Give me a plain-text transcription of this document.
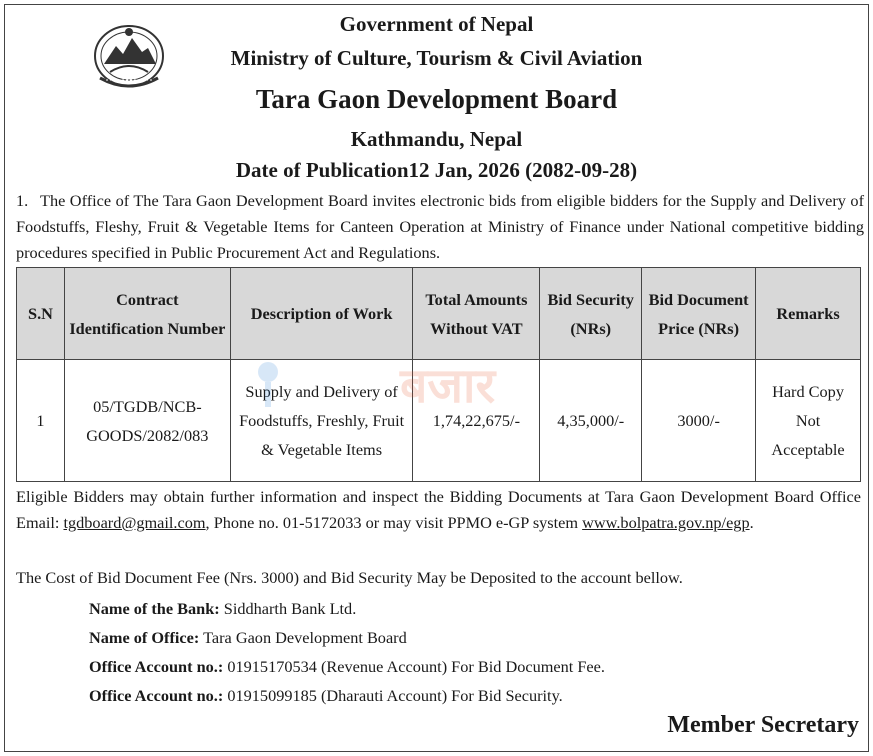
Government of Nepal
Ministry of Culture, Tourism & Civil Aviation
Tara Gaon Development Board
Kathmandu, Nepal
Date of Publication12 Jan, 2026 (2082-09-28)
1. The Office of The Tara Gaon Development Board invites electronic bids from eligible bidders for the Supply and Delivery of Foodstuffs, Fleshy, Fruit & Vegetable Items for Canteen Operation at Ministry of Finance under National competitive bidding procedures specified in Public Procurement Act and Regulations.
S.N	Contract Identification Number	Description of Work	Total Amounts Without VAT	Bid Security (NRs)	Bid Document Price (NRs)	Remarks
1	05/TGDB/NCB-GOODS/2082/083	Supply and Delivery of Foodstuffs, Freshly, Fruit & Vegetable Items	1,74,22,675/-	4,35,000/-	3000/-	Hard Copy Not Acceptable
बजार
Eligible Bidders may obtain further information and inspect the Bidding Documents at Tara Gaon Development Board Office Email: tgdboard@gmail.com, Phone no. 01-5172033 or may visit PPMO e-GP system www.bolpatra.gov.np/egp.
The Cost of Bid Document Fee (Nrs. 3000) and Bid Security May be Deposited to the account bellow.
Name of the Bank: Siddharth Bank Ltd.
Name of Office: Tara Gaon Development Board
Office Account no.: 01915170534 (Revenue Account) For Bid Document Fee.
Office Account no.: 01915099185 (Dharauti Account) For Bid Security.
Member Secretary
